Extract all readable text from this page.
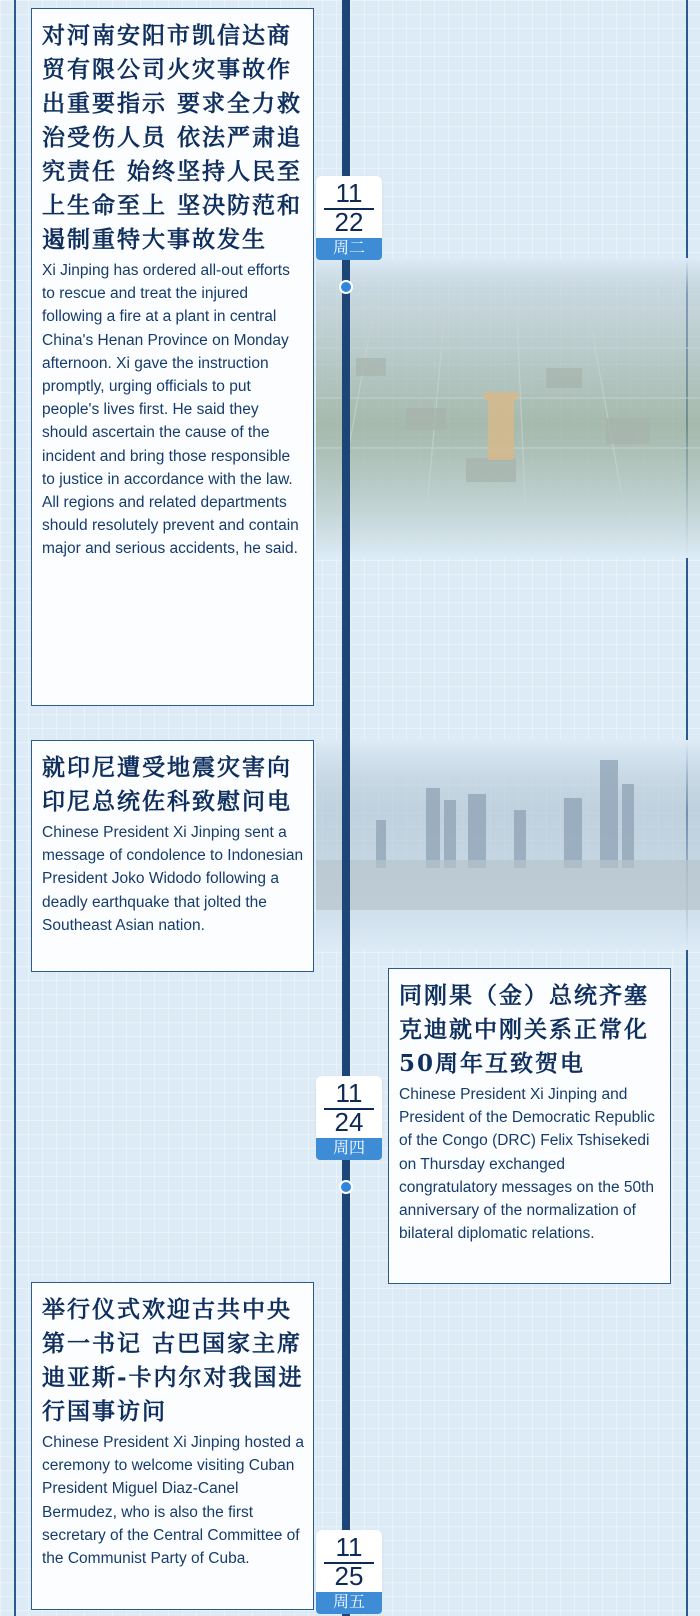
对河南安阳市凯信达商贸有限公司火灾事故作出重要指示 要求全力救治受伤人员 依法严肃追究责任 始终坚持人民至上生命至上 坚决防范和遏制重特大事故发生

Xi Jinping has ordered all-out efforts to rescue and treat the injured following a fire at a plant in central China's Henan Province on Monday afternoon. Xi gave the instruction promptly, urging officials to put people's lives first. He said they should ascertain the cause of the incident and bring those responsible to justice in accordance with the law. All regions and related departments should resolutely prevent and contain major and serious accidents, he said.

就印尼遭受地震灾害向印尼总统佐科致慰问电

Chinese President Xi Jinping sent a message of condolence to Indonesian President Joko Widodo following a deadly earthquake that jolted the Southeast Asian nation.

同刚果（金）总统齐塞克迪就中刚关系正常化50周年互致贺电

Chinese President Xi Jinping and President of the Democratic Republic of the Congo (DRC) Felix Tshisekedi on Thursday exchanged congratulatory messages on the 50th anniversary of the normalization of bilateral diplomatic relations.

举行仪式欢迎古共中央第一书记 古巴国家主席迪亚斯-卡内尔对我国进行国事访问

Chinese President Xi Jinping hosted a ceremony to welcome visiting Cuban President Miguel Diaz-Canel Bermudez, who is also the first secretary of the Central Committee of the Communist Party of Cuba.

11
22
周二
11
24
周四
11
25
周五
